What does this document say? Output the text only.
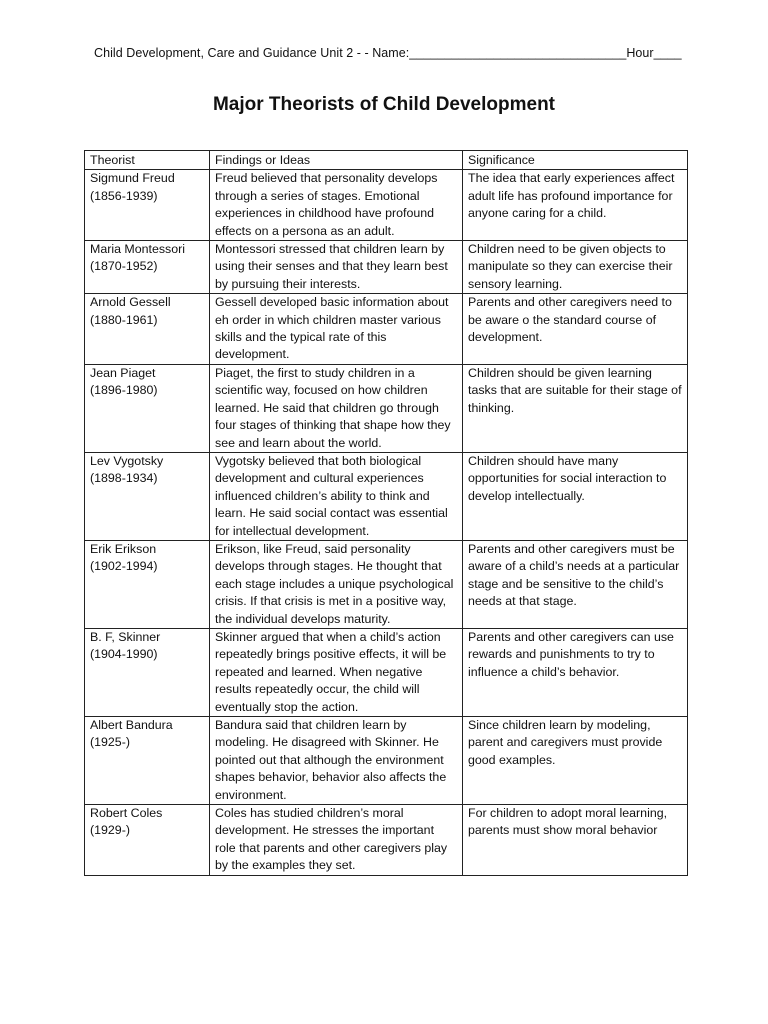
Child Development, Care and Guidance Unit 2 - - Name:_______________________________Hour____
Major Theorists of Child Development
Theorist	Findings or Ideas	Significance

Sigmund Freud
(1856-1939)	Freud believed that personality develops through a series of stages. Emotional experiences in childhood have profound effects on a persona as an adult.	The idea that early experiences affect adult life has profound importance for anyone caring for a child.

Maria Montessori
(1870-1952)	Montessori stressed that children learn by using their senses and that they learn best by pursuing their interests.	Children need to be given objects to manipulate so they can exercise their sensory learning.

Arnold Gessell
(1880-1961)	Gessell developed basic information about eh order in which children master various skills and the typical rate of this development.	Parents and other caregivers need to be aware o the standard course of development.

Jean Piaget
(1896-1980)	Piaget, the first to study children in a scientific way, focused on how children learned. He said that children go through four stages of thinking that shape how they see and learn about the world.	Children should be given learning tasks that are suitable for their stage of thinking.

Lev Vygotsky
(1898-1934)	Vygotsky believed that both biological development and cultural experiences influenced children’s ability to think and learn. He said social contact was essential for intellectual development.	Children should have many opportunities for social interaction to develop intellectually.

Erik Erikson
(1902-1994)	Erikson, like Freud, said personality develops through stages. He thought that each stage includes a unique psychological crisis. If that crisis is met in a positive way, the individual develops maturity.	Parents and other caregivers must be aware of a child’s needs at a particular stage and be sensitive to the child’s needs at that stage.

B. F, Skinner
(1904-1990)	Skinner argued that when a child’s action repeatedly brings positive effects, it will be repeated and learned. When negative results repeatedly occur, the child will eventually stop the action.	Parents and other caregivers can use rewards and punishments to try to influence a child’s behavior.

Albert Bandura
(1925-)	Bandura said that children learn by modeling. He disagreed with Skinner. He pointed out that although the environment shapes behavior, behavior also affects the environment.	Since children learn by modeling, parent and caregivers must provide good examples.

Robert Coles
(1929-)	Coles has studied children’s moral development. He stresses the important role that parents and other caregivers play by the examples they set.	For children to adopt moral learning, parents must show moral behavior
